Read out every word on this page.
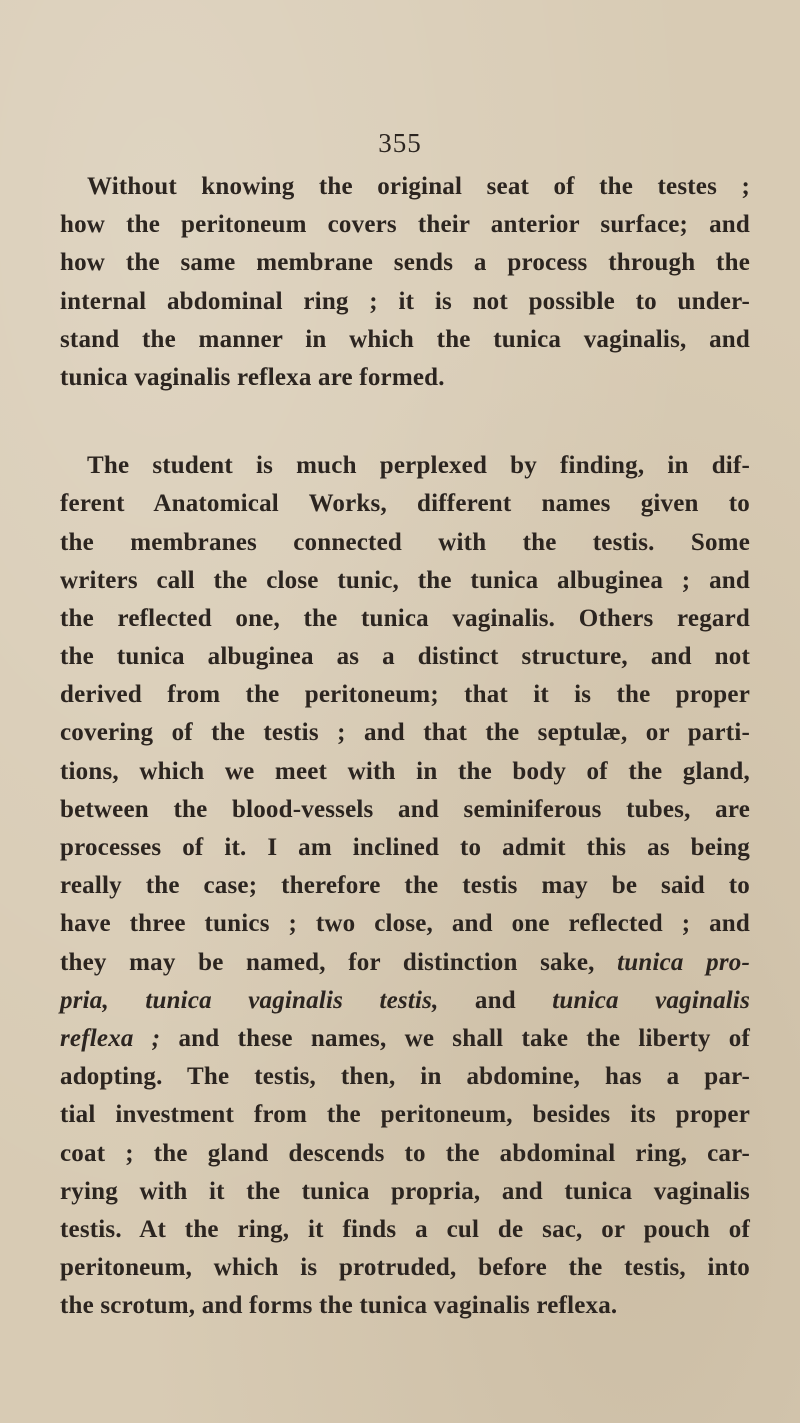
355
Without knowing the original seat of the testes ;
how the peritoneum covers their anterior surface; and
how the same membrane sends a process through the
internal abdominal ring ; it is not possible to under-
stand the manner in which the tunica vaginalis, and
tunica vaginalis reflexa are formed.
The student is much perplexed by finding, in dif-
ferent Anatomical Works, different names given to
the membranes connected with the testis. Some
writers call the close tunic, the tunica albuginea ; and
the reflected one, the tunica vaginalis. Others regard
the tunica albuginea as a distinct structure, and not
derived from the peritoneum; that it is the proper
covering of the testis ; and that the septulæ, or parti-
tions, which we meet with in the body of the gland,
between the blood-vessels and seminiferous tubes, are
processes of it. I am inclined to admit this as being
really the case; therefore the testis may be said to
have three tunics ; two close, and one reflected ; and
they may be named, for distinction sake, tunica pro-
pria, tunica vaginalis testis, and tunica vaginalis
reflexa ; and these names, we shall take the liberty of
adopting. The testis, then, in abdomine, has a par-
tial investment from the peritoneum, besides its proper
coat ; the gland descends to the abdominal ring, car-
rying with it the tunica propria, and tunica vaginalis
testis. At the ring, it finds a cul de sac, or pouch of
peritoneum, which is protruded, before the testis, into
the scrotum, and forms the tunica vaginalis reflexa.
